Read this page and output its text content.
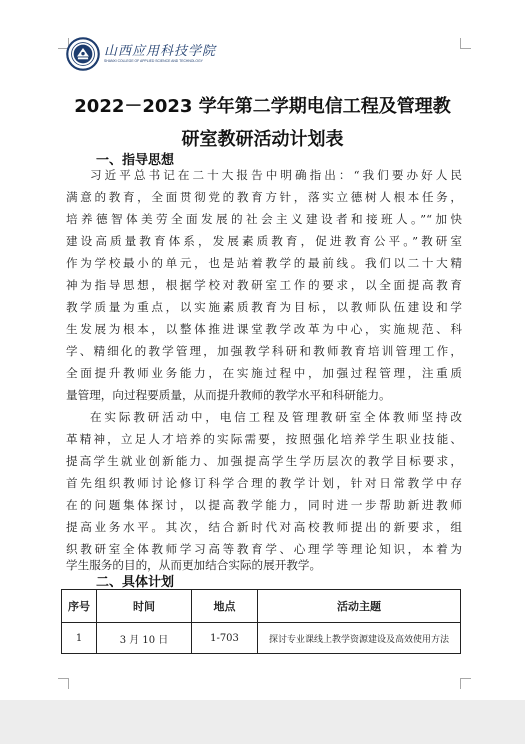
山西应用科技学院
SHANXI COLLEGE OF APPLIED SCIENCE AND TECHNOLOGY
2022－2023 学年第二学期电信工程及管理教
研室教研活动计划表
一、指导思想
习近平总书记在二十大报告中明确指出：“我们要办好人民
满意的教育，全面贯彻党的教育方针，落实立德树人根本任务，
培养德智体美劳全面发展的社会主义建设者和接班人。”“加快
建设高质量教育体系，发展素质教育，促进教育公平。”教研室
作为学校最小的单元，也是站着教学的最前线。我们以二十大精
神为指导思想，根据学校对教研室工作的要求，以全面提高教育
教学质量为重点，以实施素质教育为目标，以教师队伍建设和学
生发展为根本，以整体推进课堂教学改革为中心，实施规范、科
学、精细化的教学管理，加强教学科研和教师教育培训管理工作，
全面提升教师业务能力，在实施过程中，加强过程管理，注重质
量管理，向过程要质量，从而提升教师的教学水平和科研能力。
在实际教研活动中，电信工程及管理教研室全体教师坚持改
革精神，立足人才培养的实际需要，按照强化培养学生职业技能、
提高学生就业创新能力、加强提高学生学历层次的教学目标要求，
首先组织教师讨论修订科学合理的教学计划，针对日常教学中存
在的问题集体探讨，以提高教学能力，同时进一步帮助新进教师
提高业务水平。其次，结合新时代对高校教师提出的新要求，组
织教研室全体教师学习高等教育学、心理学等理论知识，本着为
学生服务的目的，从而更加结合实际的展开教学。
二、具体计划
序号	时间	地点	活动主题
1	3 月 10 日	1-703	探讨专业课线上教学资源建设及高效使用方法
